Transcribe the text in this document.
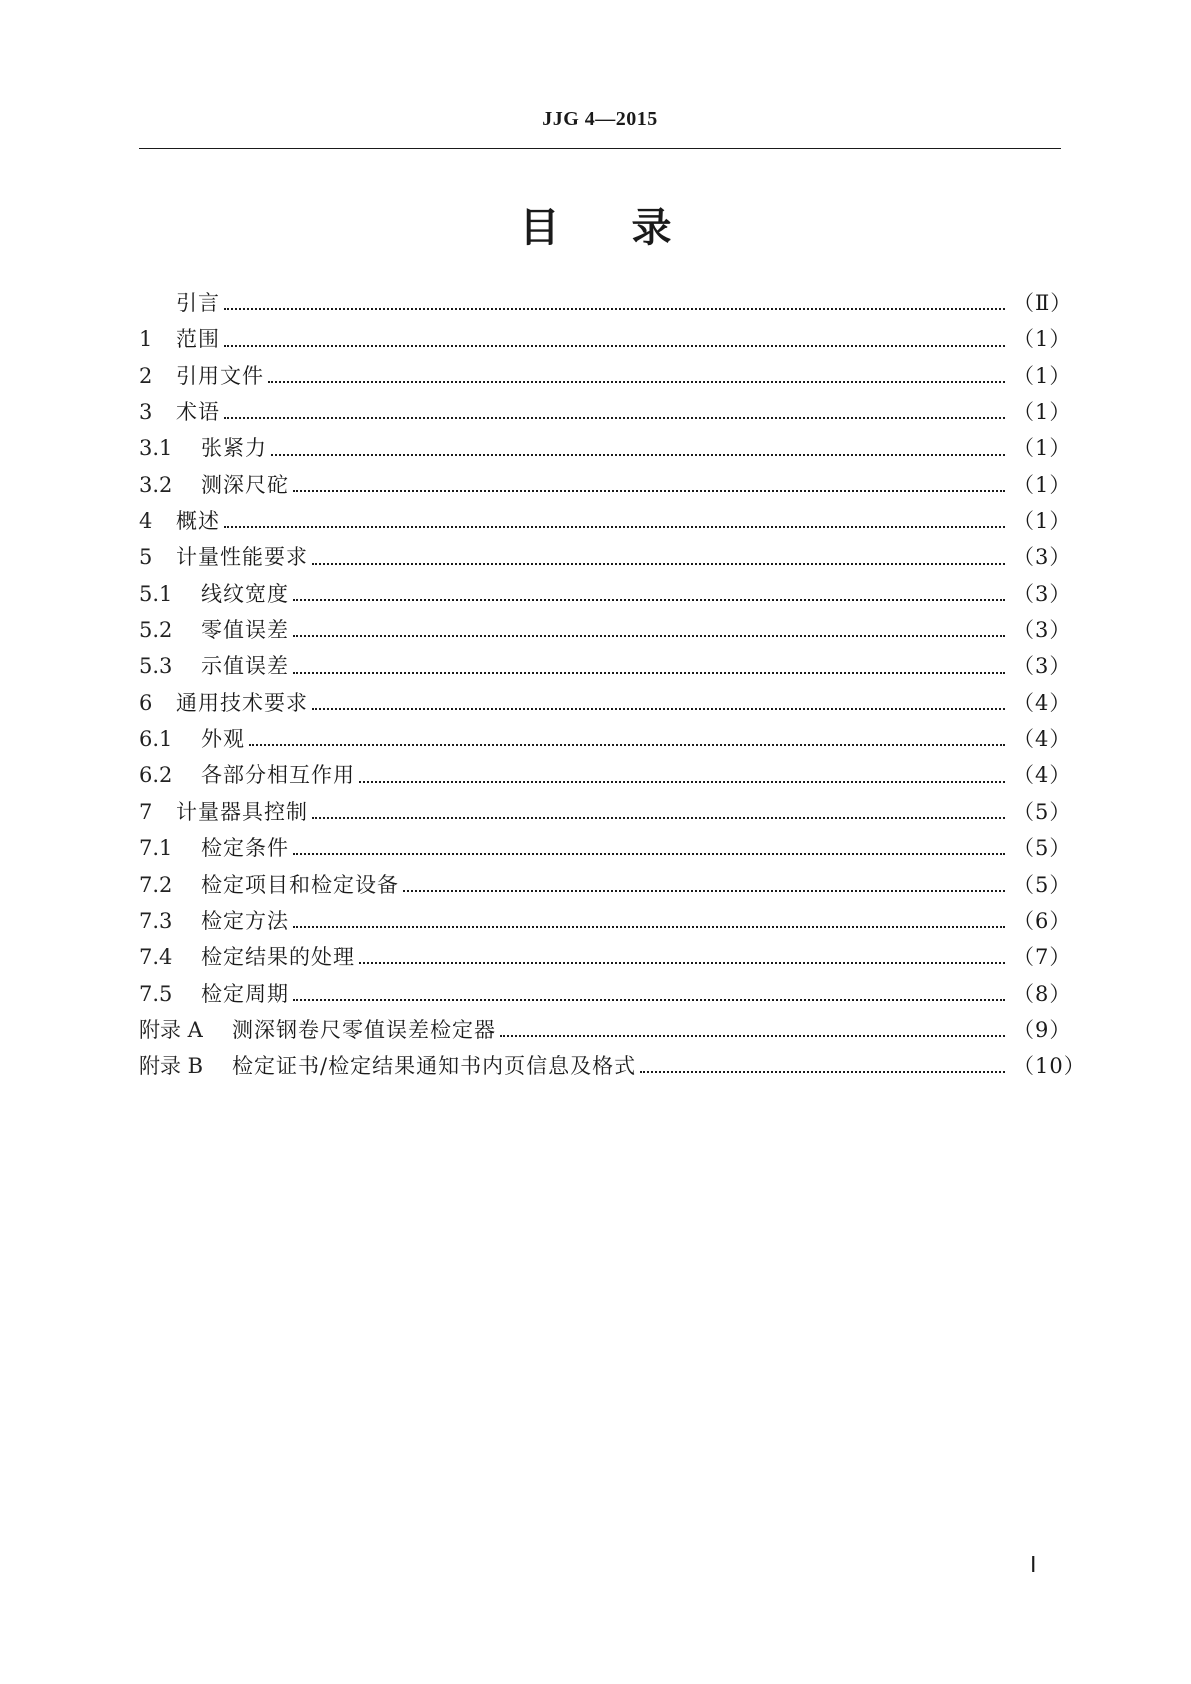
JJG 4—2015
目 录
引言	（Ⅱ）
1	范围	（1）
2	引用文件	（1）
3	术语	（1）
3.1	张紧力	（1）
3.2	测深尺砣	（1）
4	概述	（1）
5	计量性能要求	（3）
5.1	线纹宽度	（3）
5.2	零值误差	（3）
5.3	示值误差	（3）
6	通用技术要求	（4）
6.1	外观	（4）
6.2	各部分相互作用	（4）
7	计量器具控制	（5）
7.1	检定条件	（5）
7.2	检定项目和检定设备	（5）
7.3	检定方法	（6）
7.4	检定结果的处理	（7）
7.5	检定周期	（8）
附录 A	测深钢卷尺零值误差检定器	（9）
附录 B	检定证书/检定结果通知书内页信息及格式	（10）
Ⅰ
